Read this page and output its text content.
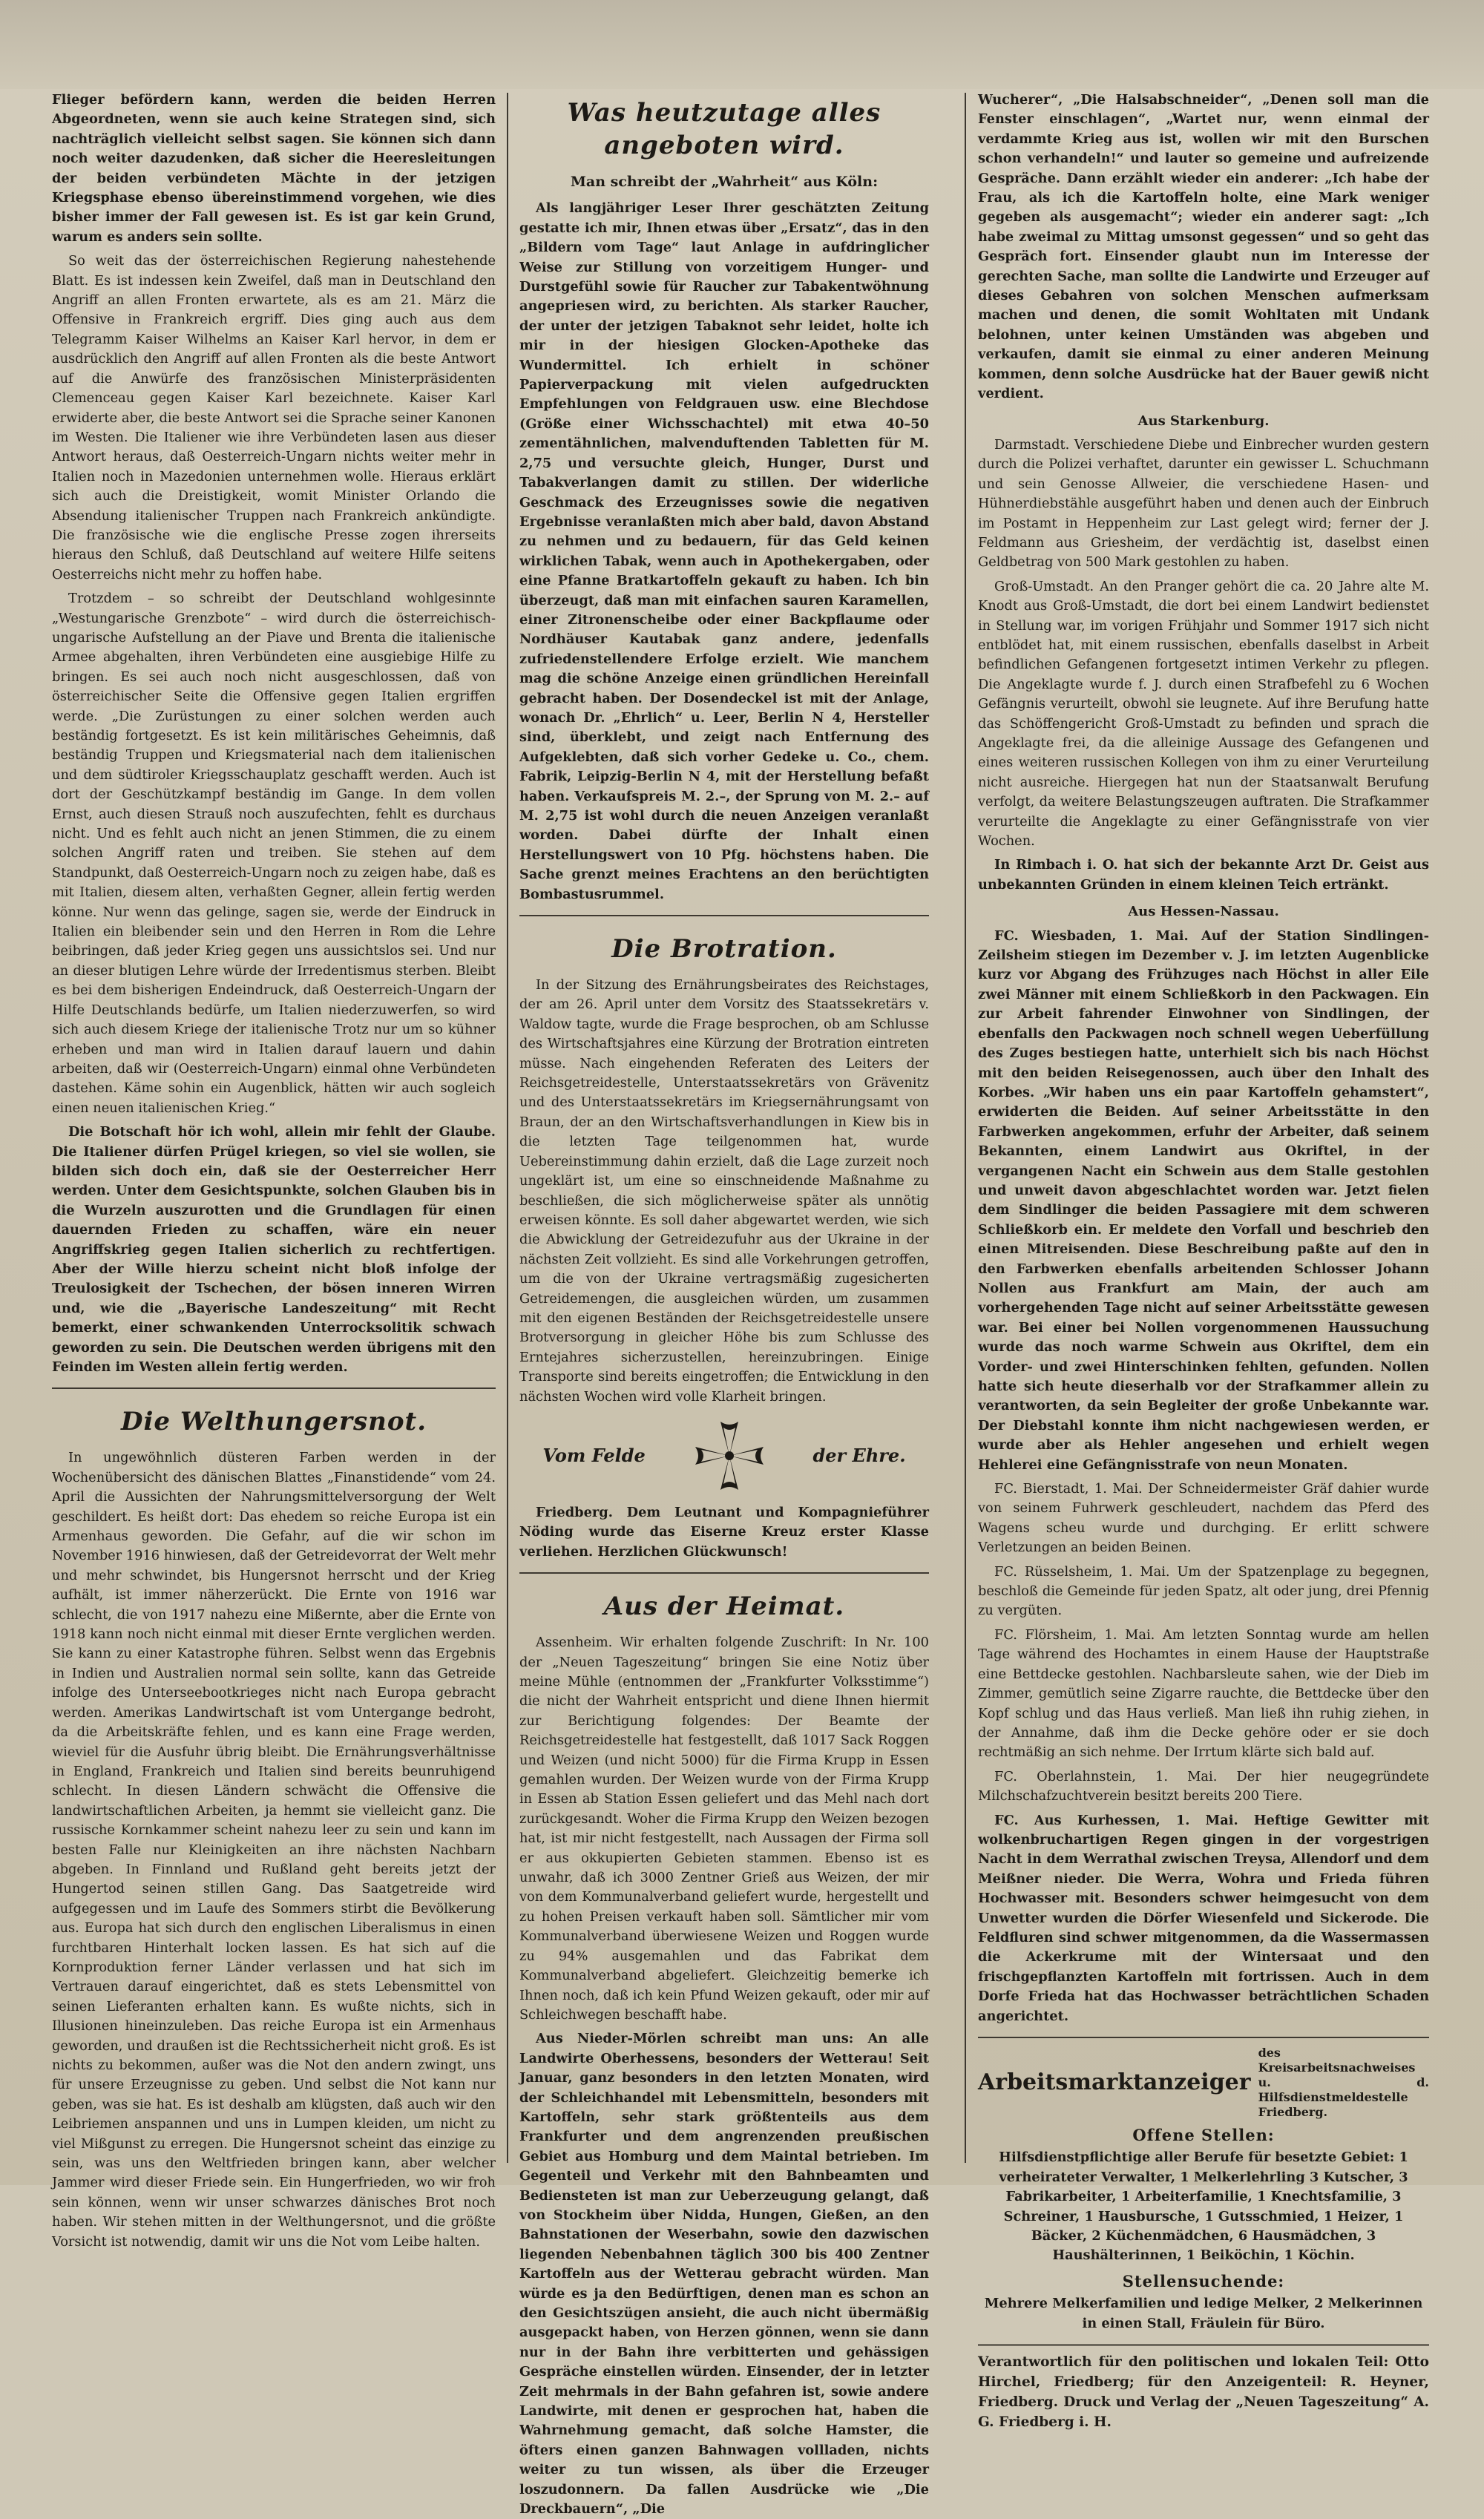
Flieger befördern kann, werden die beiden Herren Abgeordneten, wenn sie auch keine Strategen sind, sich nachträglich vielleicht selbst sagen. Sie können sich dann noch weiter dazudenken, daß sicher die Heeresleitungen der beiden verbündeten Mächte in der jetzigen Kriegsphase ebenso übereinstimmend vorgehen, wie dies bisher immer der Fall gewesen ist. Es ist gar kein Grund, warum es anders sein sollte.

So weit das der österreichischen Regierung nahestehende Blatt. Es ist indessen kein Zweifel, daß man in Deutschland den Angriff an allen Fronten erwartete, als es am 21. März die Offensive in Frankreich ergriff. Dies ging auch aus dem Telegramm Kaiser Wilhelms an Kaiser Karl hervor, in dem er ausdrücklich den Angriff auf allen Fronten als die beste Antwort auf die Anwürfe des französischen Ministerpräsidenten Clemenceau gegen Kaiser Karl bezeichnete. Kaiser Karl erwiderte aber, die beste Antwort sei die Sprache seiner Kanonen im Westen. Die Italiener wie ihre Verbündeten lasen aus dieser Antwort heraus, daß Oesterreich-Ungarn nichts weiter mehr in Italien noch in Mazedonien unternehmen wolle. Hieraus erklärt sich auch die Dreistigkeit, womit Minister Orlando die Absendung italienischer Truppen nach Frankreich ankündigte. Die französische wie die englische Presse zogen ihrerseits hieraus den Schluß, daß Deutschland auf weitere Hilfe seitens Oesterreichs nicht mehr zu hoffen habe.

Trotzdem – so schreibt der Deutschland wohlgesinnte „Westungarische Grenzbote“ – wird durch die österreichisch-ungarische Aufstellung an der Piave und Brenta die italienische Armee abgehalten, ihren Verbündeten eine ausgiebige Hilfe zu bringen. Es sei auch noch nicht ausgeschlossen, daß von österreichischer Seite die Offensive gegen Italien ergriffen werde. „Die Zurüstungen zu einer solchen werden auch beständig fortgesetzt. Es ist kein militärisches Geheimnis, daß beständig Truppen und Kriegsmaterial nach dem italienischen und dem südtiroler Kriegsschauplatz geschafft werden. Auch ist dort der Geschützkampf beständig im Gange. In dem vollen Ernst, auch diesen Strauß noch auszufechten, fehlt es durchaus nicht. Und es fehlt auch nicht an jenen Stimmen, die zu einem solchen Angriff raten und treiben. Sie stehen auf dem Standpunkt, daß Oesterreich-Ungarn noch zu zeigen habe, daß es mit Italien, diesem alten, verhaßten Gegner, allein fertig werden könne. Nur wenn das gelinge, sagen sie, werde der Eindruck in Italien ein bleibender sein und den Herren in Rom die Lehre beibringen, daß jeder Krieg gegen uns aussichtslos sei. Und nur an dieser blutigen Lehre würde der Irredentismus sterben. Bleibt es bei dem bisherigen Endeindruck, daß Oesterreich-Ungarn der Hilfe Deutschlands bedürfe, um Italien niederzuwerfen, so wird sich auch diesem Kriege der italienische Trotz nur um so kühner erheben und man wird in Italien darauf lauern und dahin arbeiten, daß wir (Oesterreich-Ungarn) einmal ohne Verbündeten dastehen. Käme sohin ein Augenblick, hätten wir auch sogleich einen neuen italienischen Krieg.“

Die Botschaft hör ich wohl, allein mir fehlt der Glaube. Die Italiener dürfen Prügel kriegen, so viel sie wollen, sie bilden sich doch ein, daß sie der Oesterreicher Herr werden. Unter dem Gesichtspunkte, solchen Glauben bis in die Wurzeln auszurotten und die Grundlagen für einen dauernden Frieden zu schaffen, wäre ein neuer Angriffskrieg gegen Italien sicherlich zu rechtfertigen. Aber der Wille hierzu scheint nicht bloß infolge der Treulosigkeit der Tschechen, der bösen inneren Wirren und, wie die „Bayerische Landeszeitung“ mit Recht bemerkt, einer schwankenden Unterrocksolitik schwach geworden zu sein. Die Deutschen werden übrigens mit den Feinden im Westen allein fertig werden.

Die Welthungersnot.

In ungewöhnlich düsteren Farben werden in der Wochenübersicht des dänischen Blattes „Finanstidende“ vom 24. April die Aussichten der Nahrungsmittelversorgung der Welt geschildert. Es heißt dort: Das ehedem so reiche Europa ist ein Armenhaus geworden. Die Gefahr, auf die wir schon im November 1916 hinwiesen, daß der Getreidevorrat der Welt mehr und mehr schwindet, bis Hungersnot herrscht und der Krieg aufhält, ist immer näherzerückt. Die Ernte von 1916 war schlecht, die von 1917 nahezu eine Mißernte, aber die Ernte von 1918 kann noch nicht einmal mit dieser Ernte verglichen werden. Sie kann zu einer Katastrophe führen. Selbst wenn das Ergebnis in Indien und Australien normal sein sollte, kann das Getreide infolge des Unterseebootkrieges nicht nach Europa gebracht werden. Amerikas Landwirtschaft ist vom Untergange bedroht, da die Arbeitskräfte fehlen, und es kann eine Frage werden, wieviel für die Ausfuhr übrig bleibt. Die Ernährungsverhältnisse in England, Frankreich und Italien sind bereits beunruhigend schlecht. In diesen Ländern schwächt die Offensive die landwirtschaftlichen Arbeiten, ja hemmt sie vielleicht ganz. Die russische Kornkammer scheint nahezu leer zu sein und kann im besten Falle nur Kleinigkeiten an ihre nächsten Nachbarn abgeben. In Finnland und Rußland geht bereits jetzt der Hungertod seinen stillen Gang. Das Saatgetreide wird aufgegessen und im Laufe des Sommers stirbt die Bevölkerung aus. Europa hat sich durch den englischen Liberalismus in einen furchtbaren Hinterhalt locken lassen. Es hat sich auf die Kornproduktion ferner Länder verlassen und hat sich im Vertrauen darauf eingerichtet, daß es stets Lebensmittel von seinen Lieferanten erhalten kann. Es wußte nichts, sich in Illusionen hineinzuleben. Das reiche Europa ist ein Armenhaus geworden, und draußen ist die Rechtssicherheit nicht groß. Es ist nichts zu bekommen, außer was die Not den andern zwingt, uns für unsere Erzeugnisse zu geben. Und selbst die Not kann nur geben, was sie hat. Es ist deshalb am klügsten, daß auch wir den Leibriemen anspannen und uns in Lumpen kleiden, um nicht zu viel Mißgunst zu erregen. Die Hungersnot scheint das einzige zu sein, was uns den Weltfrieden bringen kann, aber welcher Jammer wird dieser Friede sein. Ein Hungerfrieden, wo wir froh sein können, wenn wir unser schwarzes dänisches Brot noch haben. Wir stehen mitten in der Welthungersnot, und die größte Vorsicht ist notwendig, damit wir uns die Not vom Leibe halten.

Was heutzutage alles angeboten wird.
Man schreibt der „Wahrheit“ aus Köln:

Als langjähriger Leser Ihrer geschätzten Zeitung gestatte ich mir, Ihnen etwas über „Ersatz“, das in den „Bildern vom Tage“ laut Anlage in aufdringlicher Weise zur Stillung von vorzeitigem Hunger- und Durstgefühl sowie für Raucher zur Tabakentwöhnung angepriesen wird, zu berichten. Als starker Raucher, der unter der jetzigen Tabaknot sehr leidet, holte ich mir in der hiesigen Glocken-Apotheke das Wundermittel. Ich erhielt in schöner Papierverpackung mit vielen aufgedruckten Empfehlungen von Feldgrauen usw. eine Blechdose (Größe einer Wichsschachtel) mit etwa 40–50 zementähnlichen, malvenduftenden Tabletten für M. 2,75 und versuchte gleich, Hunger, Durst und Tabakverlangen damit zu stillen. Der widerliche Geschmack des Erzeugnisses sowie die negativen Ergebnisse veranlaßten mich aber bald, davon Abstand zu nehmen und zu bedauern, für das Geld keinen wirklichen Tabak, wenn auch in Apothekergaben, oder eine Pfanne Bratkartoffeln gekauft zu haben. Ich bin überzeugt, daß man mit einfachen sauren Karamellen, einer Zitronenscheibe oder einer Backpflaume oder Nordhäuser Kautabak ganz andere, jedenfalls zufriedenstellendere Erfolge erzielt. Wie manchem mag die schöne Anzeige einen gründlichen Hereinfall gebracht haben. Der Dosendeckel ist mit der Anlage, wonach Dr. „Ehrlich“ u. Leer, Berlin N 4, Hersteller sind, überklebt, und zeigt nach Entfernung des Aufgeklebten, daß sich vorher Gedeke u. Co., chem. Fabrik, Leipzig-Berlin N 4, mit der Herstellung befaßt haben. Verkaufspreis M. 2.–, der Sprung von M. 2.– auf M. 2,75 ist wohl durch die neuen Anzeigen veranlaßt worden. Dabei dürfte der Inhalt einen Herstellungswert von 10 Pfg. höchstens haben. Die Sache grenzt meines Erachtens an den berüchtigten Bombastusrummel.

Die Brotration.

In der Sitzung des Ernährungsbeirates des Reichstages, der am 26. April unter dem Vorsitz des Staatssekretärs v. Waldow tagte, wurde die Frage besprochen, ob am Schlusse des Wirtschaftsjahres eine Kürzung der Brotration eintreten müsse. Nach eingehenden Referaten des Leiters der Reichsgetreidestelle, Unterstaatssekretärs von Grävenitz und des Unterstaatssekretärs im Kriegsernährungsamt von Braun, der an den Wirtschaftsverhandlungen in Kiew bis in die letzten Tage teilgenommen hat, wurde Uebereinstimmung dahin erzielt, daß die Lage zurzeit noch ungeklärt ist, um eine so einschneidende Maßnahme zu beschließen, die sich möglicherweise später als unnötig erweisen könnte. Es soll daher abgewartet werden, wie sich die Abwicklung der Getreidezufuhr aus der Ukraine in der nächsten Zeit vollzieht. Es sind alle Vorkehrungen getroffen, um die von der Ukraine vertragsmäßig zugesicherten Getreidemengen, die ausgleichen würden, um zusammen mit den eigenen Beständen der Reichsgetreidestelle unsere Brotversorgung in gleicher Höhe bis zum Schlusse des Erntejahres sicherzustellen, hereinzubringen. Einige Transporte sind bereits eingetroffen; die Entwicklung in den nächsten Wochen wird volle Klarheit bringen.

Vom Felde	der Ehre.

Friedberg. Dem Leutnant und Kompagnieführer Nöding wurde das Eiserne Kreuz erster Klasse verliehen. Herzlichen Glückwunsch!

Aus der Heimat.

Assenheim. Wir erhalten folgende Zuschrift: In Nr. 100 der „Neuen Tageszeitung“ bringen Sie eine Notiz über meine Mühle (entnommen der „Frankfurter Volksstimme“) die nicht der Wahrheit entspricht und diene Ihnen hiermit zur Berichtigung folgendes: Der Beamte der Reichsgetreidestelle hat festgestellt, daß 1017 Sack Roggen und Weizen (und nicht 5000) für die Firma Krupp in Essen gemahlen wurden. Der Weizen wurde von der Firma Krupp in Essen ab Station Essen geliefert und das Mehl nach dort zurückgesandt. Woher die Firma Krupp den Weizen bezogen hat, ist mir nicht festgestellt, nach Aussagen der Firma soll er aus okkupierten Gebieten stammen. Ebenso ist es unwahr, daß ich 3000 Zentner Grieß aus Weizen, der mir von dem Kommunalverband geliefert wurde, hergestellt und zu hohen Preisen verkauft haben soll. Sämtlicher mir vom Kommunalverband überwiesene Weizen und Roggen wurde zu 94% ausgemahlen und das Fabrikat dem Kommunalverband abgeliefert. Gleichzeitig bemerke ich Ihnen noch, daß ich kein Pfund Weizen gekauft, oder mir auf Schleichwegen beschafft habe.

Aus Nieder-Mörlen schreibt man uns: An alle Landwirte Oberhessens, besonders der Wetterau! Seit Januar, ganz besonders in den letzten Monaten, wird der Schleichhandel mit Lebensmitteln, besonders mit Kartoffeln, sehr stark größtenteils aus dem Frankfurter und dem angrenzenden preußischen Gebiet aus Homburg und dem Maintal betrieben. Im Gegenteil und Verkehr mit den Bahnbeamten und Bediensteten ist man zur Ueberzeugung gelangt, daß von Stockheim über Nidda, Hungen, Gießen, an den Bahnstationen der Weserbahn, sowie den dazwischen liegenden Nebenbahnen täglich 300 bis 400 Zentner Kartoffeln aus der Wetterau gebracht würden. Man würde es ja den Bedürftigen, denen man es schon an den Gesichtszügen ansieht, die auch nicht übermäßig ausgepackt haben, von Herzen gönnen, wenn sie dann nur in der Bahn ihre verbitterten und gehässigen Gespräche einstellen würden. Einsender, der in letzter Zeit mehrmals in der Bahn gefahren ist, sowie andere Landwirte, mit denen er gesprochen hat, haben die Wahrnehmung gemacht, daß solche Hamster, die öfters einen ganzen Bahnwagen vollladen, nichts weiter zu tun wissen, als über die Erzeuger loszudonnern. Da fallen Ausdrücke wie „Die Dreckbauern“, „Die

Wucherer“, „Die Halsabschneider“, „Denen soll man die Fenster einschlagen“, „Wartet nur, wenn einmal der verdammte Krieg aus ist, wollen wir mit den Burschen schon verhandeln!“ und lauter so gemeine und aufreizende Gespräche. Dann erzählt wieder ein anderer: „Ich habe der Frau, als ich die Kartoffeln holte, eine Mark weniger gegeben als ausgemacht“; wieder ein anderer sagt: „Ich habe zweimal zu Mittag umsonst gegessen“ und so geht das Gespräch fort. Einsender glaubt nun im Interesse der gerechten Sache, man sollte die Landwirte und Erzeuger auf dieses Gebahren von solchen Menschen aufmerksam machen und denen, die somit Wohltaten mit Undank belohnen, unter keinen Umständen was abgeben und verkaufen, damit sie einmal zu einer anderen Meinung kommen, denn solche Ausdrücke hat der Bauer gewiß nicht verdient.

Aus Starkenburg.

Darmstadt. Verschiedene Diebe und Einbrecher wurden gestern durch die Polizei verhaftet, darunter ein gewisser L. Schuchmann und sein Genosse Allweier, die verschiedene Hasen- und Hühnerdiebstähle ausgeführt haben und denen auch der Einbruch im Postamt in Heppenheim zur Last gelegt wird; ferner der J. Feldmann aus Griesheim, der verdächtig ist, daselbst einen Geldbetrag von 500 Mark gestohlen zu haben.

Groß-Umstadt. An den Pranger gehört die ca. 20 Jahre alte M. Knodt aus Groß-Umstadt, die dort bei einem Landwirt bedienstet in Stellung war, im vorigen Frühjahr und Sommer 1917 sich nicht entblödet hat, mit einem russischen, ebenfalls daselbst in Arbeit befindlichen Gefangenen fortgesetzt intimen Verkehr zu pflegen. Die Angeklagte wurde f. J. durch einen Strafbefehl zu 6 Wochen Gefängnis verurteilt, obwohl sie leugnete. Auf ihre Berufung hatte das Schöffengericht Groß-Umstadt zu befinden und sprach die Angeklagte frei, da die alleinige Aussage des Gefangenen und eines weiteren russischen Kollegen von ihm zu einer Verurteilung nicht ausreiche. Hiergegen hat nun der Staatsanwalt Berufung verfolgt, da weitere Belastungszeugen auftraten. Die Strafkammer verurteilte die Angeklagte zu einer Gefängnisstrafe von vier Wochen.

In Rimbach i. O. hat sich der bekannte Arzt Dr. Geist aus unbekannten Gründen in einem kleinen Teich ertränkt.

Aus Hessen-Nassau.

FC. Wiesbaden, 1. Mai. Auf der Station Sindlingen-Zeilsheim stiegen im Dezember v. J. im letzten Augenblicke kurz vor Abgang des Frühzuges nach Höchst in aller Eile zwei Männer mit einem Schließkorb in den Packwagen. Ein zur Arbeit fahrender Einwohner von Sindlingen, der ebenfalls den Packwagen noch schnell wegen Ueberfüllung des Zuges bestiegen hatte, unterhielt sich bis nach Höchst mit den beiden Reisegenossen, auch über den Inhalt des Korbes. „Wir haben uns ein paar Kartoffeln gehamstert“, erwiderten die Beiden. Auf seiner Arbeitsstätte in den Farbwerken angekommen, erfuhr der Arbeiter, daß seinem Bekannten, einem Landwirt aus Okriftel, in der vergangenen Nacht ein Schwein aus dem Stalle gestohlen und unweit davon abgeschlachtet worden war. Jetzt fielen dem Sindlinger die beiden Passagiere mit dem schweren Schließkorb ein. Er meldete den Vorfall und beschrieb den einen Mitreisenden. Diese Beschreibung paßte auf den in den Farbwerken ebenfalls arbeitenden Schlosser Johann Nollen aus Frankfurt am Main, der auch am vorhergehenden Tage nicht auf seiner Arbeitsstätte gewesen war. Bei einer bei Nollen vorgenommenen Haussuchung wurde das noch warme Schwein aus Okriftel, dem ein Vorder- und zwei Hinterschinken fehlten, gefunden. Nollen hatte sich heute dieserhalb vor der Strafkammer allein zu verantworten, da sein Begleiter der große Unbekannte war. Der Diebstahl konnte ihm nicht nachgewiesen werden, er wurde aber als Hehler angesehen und erhielt wegen Hehlerei eine Gefängnisstrafe von neun Monaten.

FC. Bierstadt, 1. Mai. Der Schneidermeister Gräf dahier wurde von seinem Fuhrwerk geschleudert, nachdem das Pferd des Wagens scheu wurde und durchging. Er erlitt schwere Verletzungen an beiden Beinen.

FC. Rüsselsheim, 1. Mai. Um der Spatzenplage zu begegnen, beschloß die Gemeinde für jeden Spatz, alt oder jung, drei Pfennig zu vergüten.

FC. Flörsheim, 1. Mai. Am letzten Sonntag wurde am hellen Tage während des Hochamtes in einem Hause der Hauptstraße eine Bettdecke gestohlen. Nachbarsleute sahen, wie der Dieb im Zimmer, gemütlich seine Zigarre rauchte, die Bettdecke über den Kopf schlug und das Haus verließ. Man ließ ihn ruhig ziehen, in der Annahme, daß ihm die Decke gehöre oder er sie doch rechtmäßig an sich nehme. Der Irrtum klärte sich bald auf.

FC. Oberlahnstein, 1. Mai. Der hier neugegründete Milchschafzuchtverein besitzt bereits 200 Tiere.

FC. Aus Kurhessen, 1. Mai. Heftige Gewitter mit wolkenbruchartigen Regen gingen in der vorgestrigen Nacht in dem Werrathal zwischen Treysa, Allendorf und dem Meißner nieder. Die Werra, Wohra und Frieda führen Hochwasser mit. Besonders schwer heimgesucht von dem Unwetter wurden die Dörfer Wiesenfeld und Sickerode. Die Feldfluren sind schwer mitgenommen, da die Wassermassen die Ackerkrume mit der Wintersaat und den frischgepflanzten Kartoffeln mit fortrissen. Auch in dem Dorfe Frieda hat das Hochwasser beträchtlichen Schaden angerichtet.

Arbeitsmarktanzeiger
des Kreisarbeitsnachweises u. d. Hilfsdienstmeldestelle Friedberg.
Offene Stellen:

Hilfsdienstpflichtige aller Berufe für besetzte Gebiet: 1 verheirateter Verwalter, 1 Melkerlehrling 3 Kutscher, 3 Fabrikarbeiter, 1 Arbeiterfamilie, 1 Knechtsfamilie, 3 Schreiner, 1 Hausbursche, 1 Gutsschmied, 1 Heizer, 1 Bäcker, 2 Küchenmädchen, 6 Hausmädchen, 3 Haushälterinnen, 1 Beiköchin, 1 Köchin.

Stellensuchende:

Mehrere Melkerfamilien und ledige Melker, 2 Melkerinnen in einen Stall, Fräulein für Büro.

Verantwortlich für den politischen und lokalen Teil: Otto Hirchel, Friedberg; für den Anzeigenteil: R. Heyner, Friedberg. Druck und Verlag der „Neuen Tageszeitung“ A. G. Friedberg i. H.
